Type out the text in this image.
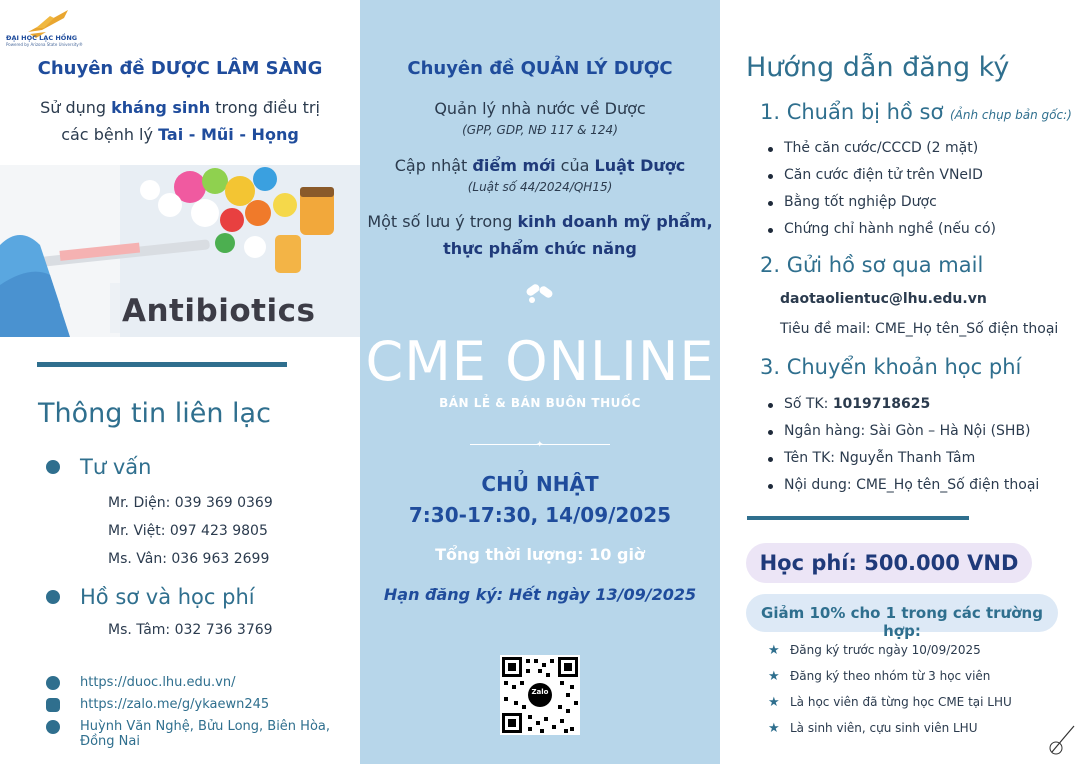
ĐẠI HỌC LẠC HỒNG
Powered by Arizona State University®
Chuyên đề DƯỢC LÂM SÀNG
Sử dụng kháng sinh trong điều trị
các bệnh lý Tai - Mũi - Họng
Antibiotics
Thông tin liên lạc
Tư vấn
Mr. Diện: 039 369 0369
Mr. Việt: 097 423 9805
Ms. Vân: 036 963 2699
Hồ sơ và học phí
Ms. Tâm: 032 736 3769
https://duoc.lhu.edu.vn/
https://zalo.me/g/ykaewn245
Huỳnh Văn Nghệ, Bửu Long, Biên Hòa, Đồng Nai
Chuyên đề QUẢN LÝ DƯỢC
Quản lý nhà nước về Dược
(GPP, GDP, NĐ 117 & 124)
Cập nhật điểm mới của Luật Dược
(Luật số 44/2024/QH15)
Một số lưu ý trong kinh doanh mỹ phẩm,
thực phẩm chức năng
CME ONLINE
BÁN LẺ & BÁN BUÔN THUỐC
✦
CHỦ NHẬT
7:30-17:30, 14/09/2025
Tổng thời lượng: 10 giờ
Hạn đăng ký: Hết ngày 13/09/2025
Zalo
Hướng dẫn đăng ký
1. Chuẩn bị hồ sơ (Ảnh chụp bản gốc:)
Thẻ căn cước/CCCD (2 mặt)
Căn cước điện tử trên VNeID
Bằng tốt nghiệp Dược
Chứng chỉ hành nghề (nếu có)
2. Gửi hồ sơ qua mail
daotaolientuc@lhu.edu.vn
Tiêu đề mail: CME_Họ tên_Số điện thoại
3. Chuyển khoản học phí
Số TK: 1019718625
Ngân hàng: Sài Gòn – Hà Nội (SHB)
Tên TK: Nguyễn Thanh Tâm
Nội dung: CME_Họ tên_Số điện thoại
Học phí: 500.000 VND
Giảm 10% cho 1 trong các trường hợp:
★ Đăng ký trước ngày 10/09/2025
★ Đăng ký theo nhóm từ 3 học viên
★ Là học viên đã từng học CME tại LHU
★ Là sinh viên, cựu sinh viên LHU
